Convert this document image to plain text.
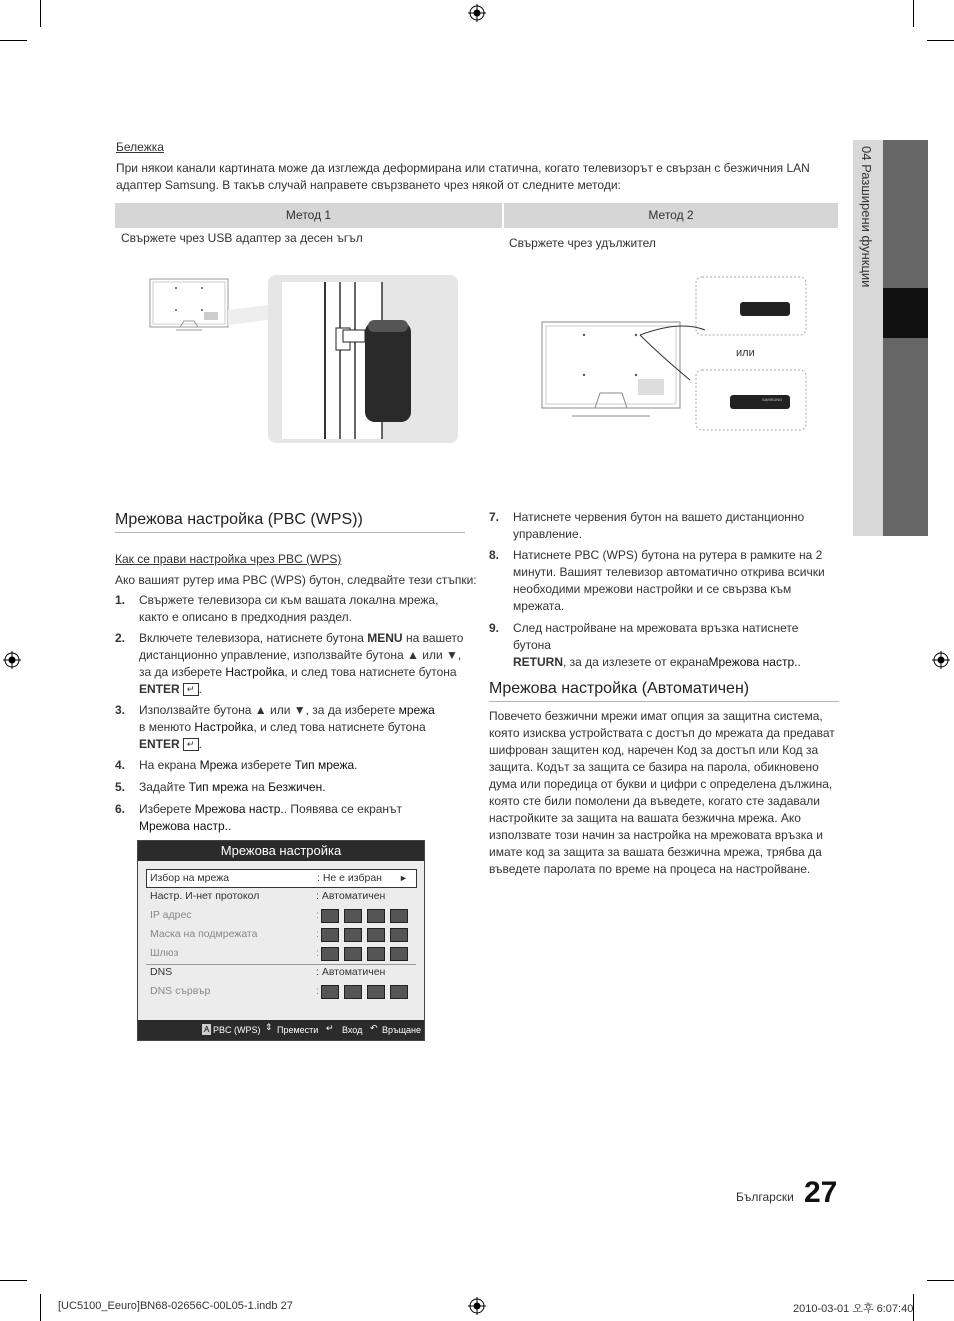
04 Разширени функции
Бележка
При някои канали картината може да изглежда деформирана или статична, когато телевизорът е свързан с безжичния LAN адаптер Samsung. В такъв случай направете свързването чрез някой от следните методи:
Метод 1	Метод 2
Свържете чрез USB адаптер за десен ъгъл	Свържете чрез удължител
или
SAMSUNG
Мрежова настройка (PBC (WPS))
Как се прави настройка чрез PBC (WPS)
Ако вашият рутер има PBC (WPS) бутон, следвайте тези стъпки:
1. Свържете телевизора си към вашата локална мрежа,
както е описано в предходния раздел.
2. Включете телевизора, натиснете бутона MENU на вашето
дистанционно управление, използвайте бутона ▲ или ▼,
за да изберете Настройка, и след това натиснете бутона
ENTER ↵ .
3. Използвайте бутона ▲ или ▼, за да изберете мрежа
в менюто Настройка, и след това натиснете бутона
ENTER ↵ .
4. На екрана Мрежа изберете Тип мрежа.
5. Задайте Тип мрежа на Безжичен.
6. Изберете Мрежова настр.. Появява се екранът
Мрежова настр..
Мрежова настройка
Избор на мрежа	: Не е избран ►
Настр. И-нет протокол	: Автоматичен
IP адрес	:
Маска на подмрежата	:
Шлюз	:
DNS	: Автоматичен
DNS сървър	:
A PBC (WPS) ⇕ Премести ↵ Вход ↶ Връщане
7. Натиснете червения бутон на вашето дистанционно
управление.
8. Натиснете PBC (WPS) бутона на рутера в рамките на 2
минути. Вашият телевизор автоматично открива всички
необходими мрежови настройки и се свързва към
мрежата.
9. След настройване на мрежовата връзка натиснете бутона
RETURN, за да излезете от екранаМрежова настр..
Мрежова настройка (Автоматичен)
Повечето безжични мрежи имат опция за защитна система,
която изисква устройствата с достъп до мрежата да предават
шифрован защитен код, наречен Код за достъп или Код за
защита. Кодът за защита се базира на парола, обикновено
дума или поредица от букви и цифри с определена дължина,
която сте били помолени да въведете, когато сте задавали
настройките за защита на вашата безжична мрежа. Ако
използвате този начин за настройка на мрежовата връзка и
имате код за защита за вашата безжична мрежа, трябва да
въведете паролата по време на процеса на настройване.
Български 27
[UC5100_Eeuro]BN68-02656C-00L05-1.indb 27	2010-03-01 오후 6:07:40
